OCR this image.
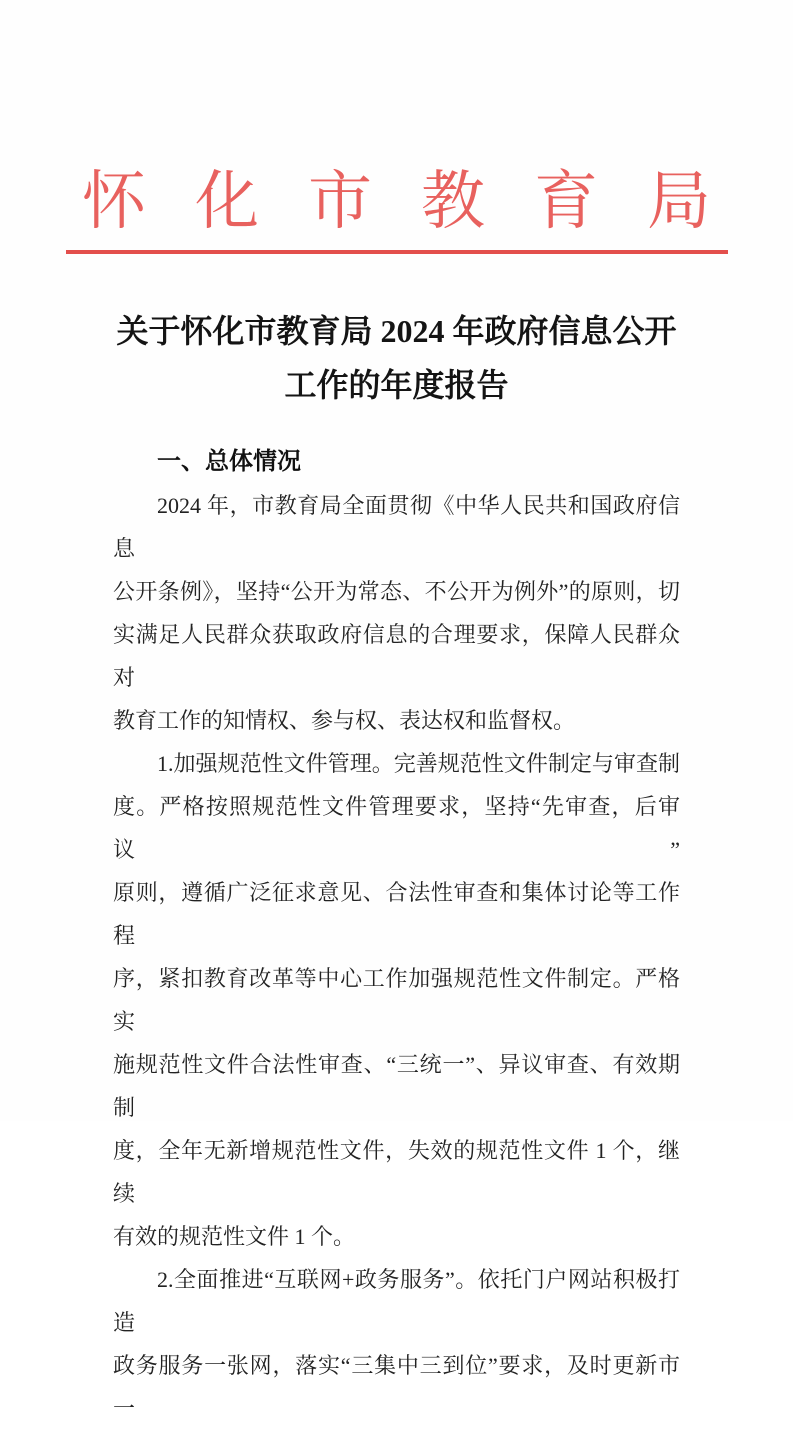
怀化市教育局
关于怀化市教育局 2024 年政府信息公开
工作的年度报告
一、总体情况
2024 年，市教育局全面贯彻《中华人民共和国政府信息
公开条例》，坚持“公开为常态、不公开为例外”的原则，切
实满足人民群众获取政府信息的合理要求，保障人民群众对
教育工作的知情权、参与权、表达权和监督权。
1.加强规范性文件管理。完善规范性文件制定与审查制
度。严格按照规范性文件管理要求，坚持“先审查，后审议”
原则，遵循广泛征求意见、合法性审查和集体讨论等工作程
序，紧扣教育改革等中心工作加强规范性文件制定。严格实
施规范性文件合法性审查、“三统一”、异议审查、有效期制
度，全年无新增规范性文件，失效的规范性文件 1 个，继续
有效的规范性文件 1 个。
2.全面推进“互联网+政务服务”。依托门户网站积极打造
政务服务一张网，落实“三集中三到位”要求，及时更新市一
